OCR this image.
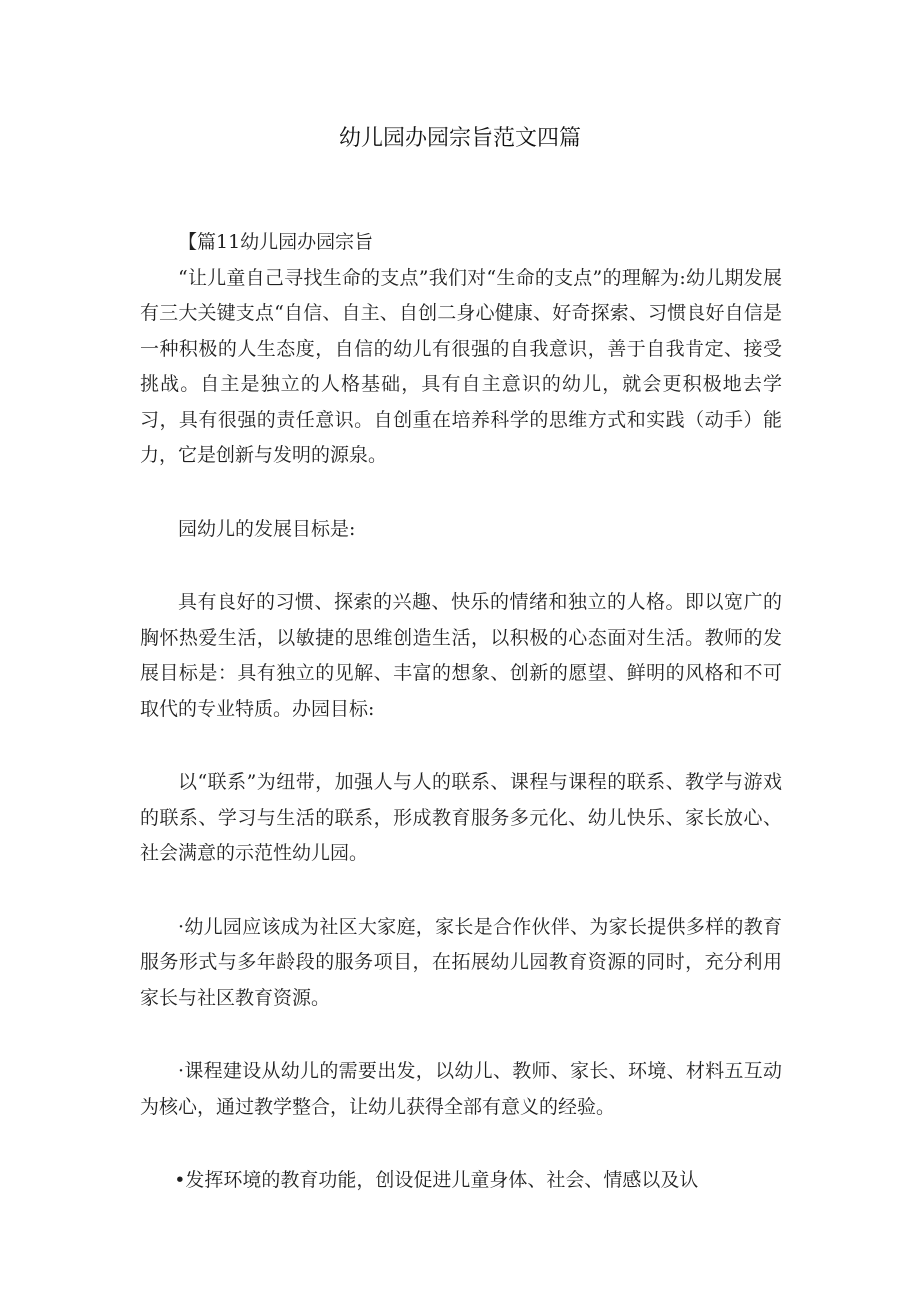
幼儿园办园宗旨范文四篇

【篇11幼儿园办园宗旨

“让儿童自己寻找生命的支点”我们对“生命的支点”的理解为:幼儿期发展有三大关键支点“自信、自主、自创二身心健康、好奇探索、习惯良好自信是一种积极的人生态度，自信的幼儿有很强的自我意识，善于自我肯定、接受挑战。自主是独立的人格基础，具有自主意识的幼儿，就会更积极地去学习，具有很强的责任意识。自创重在培养科学的思维方式和实践（动手）能力，它是创新与发明的源泉。

园幼儿的发展目标是:

具有良好的习惯、探索的兴趣、快乐的情绪和独立的人格。即以宽广的胸怀热爱生活，以敏捷的思维创造生活，以积极的心态面对生活。教师的发展目标是：具有独立的见解、丰富的想象、创新的愿望、鲜明的风格和不可取代的专业特质。办园目标:

以“联系”为纽带，加强人与人的联系、课程与课程的联系、教学与游戏的联系、学习与生活的联系，形成教育服务多元化、幼儿快乐、家长放心、社会满意的示范性幼儿园。

·幼儿园应该成为社区大家庭，家长是合作伙伴、为家长提供多样的教育服务形式与多年龄段的服务项目，在拓展幼儿园教育资源的同时，充分利用家长与社区教育资源。

·课程建设从幼儿的需要出发，以幼儿、教师、家长、环境、材料五互动为核心，通过教学整合，让幼儿获得全部有意义的经验。

•发挥环境的教育功能，创设促进儿童身体、社会、情感以及认
